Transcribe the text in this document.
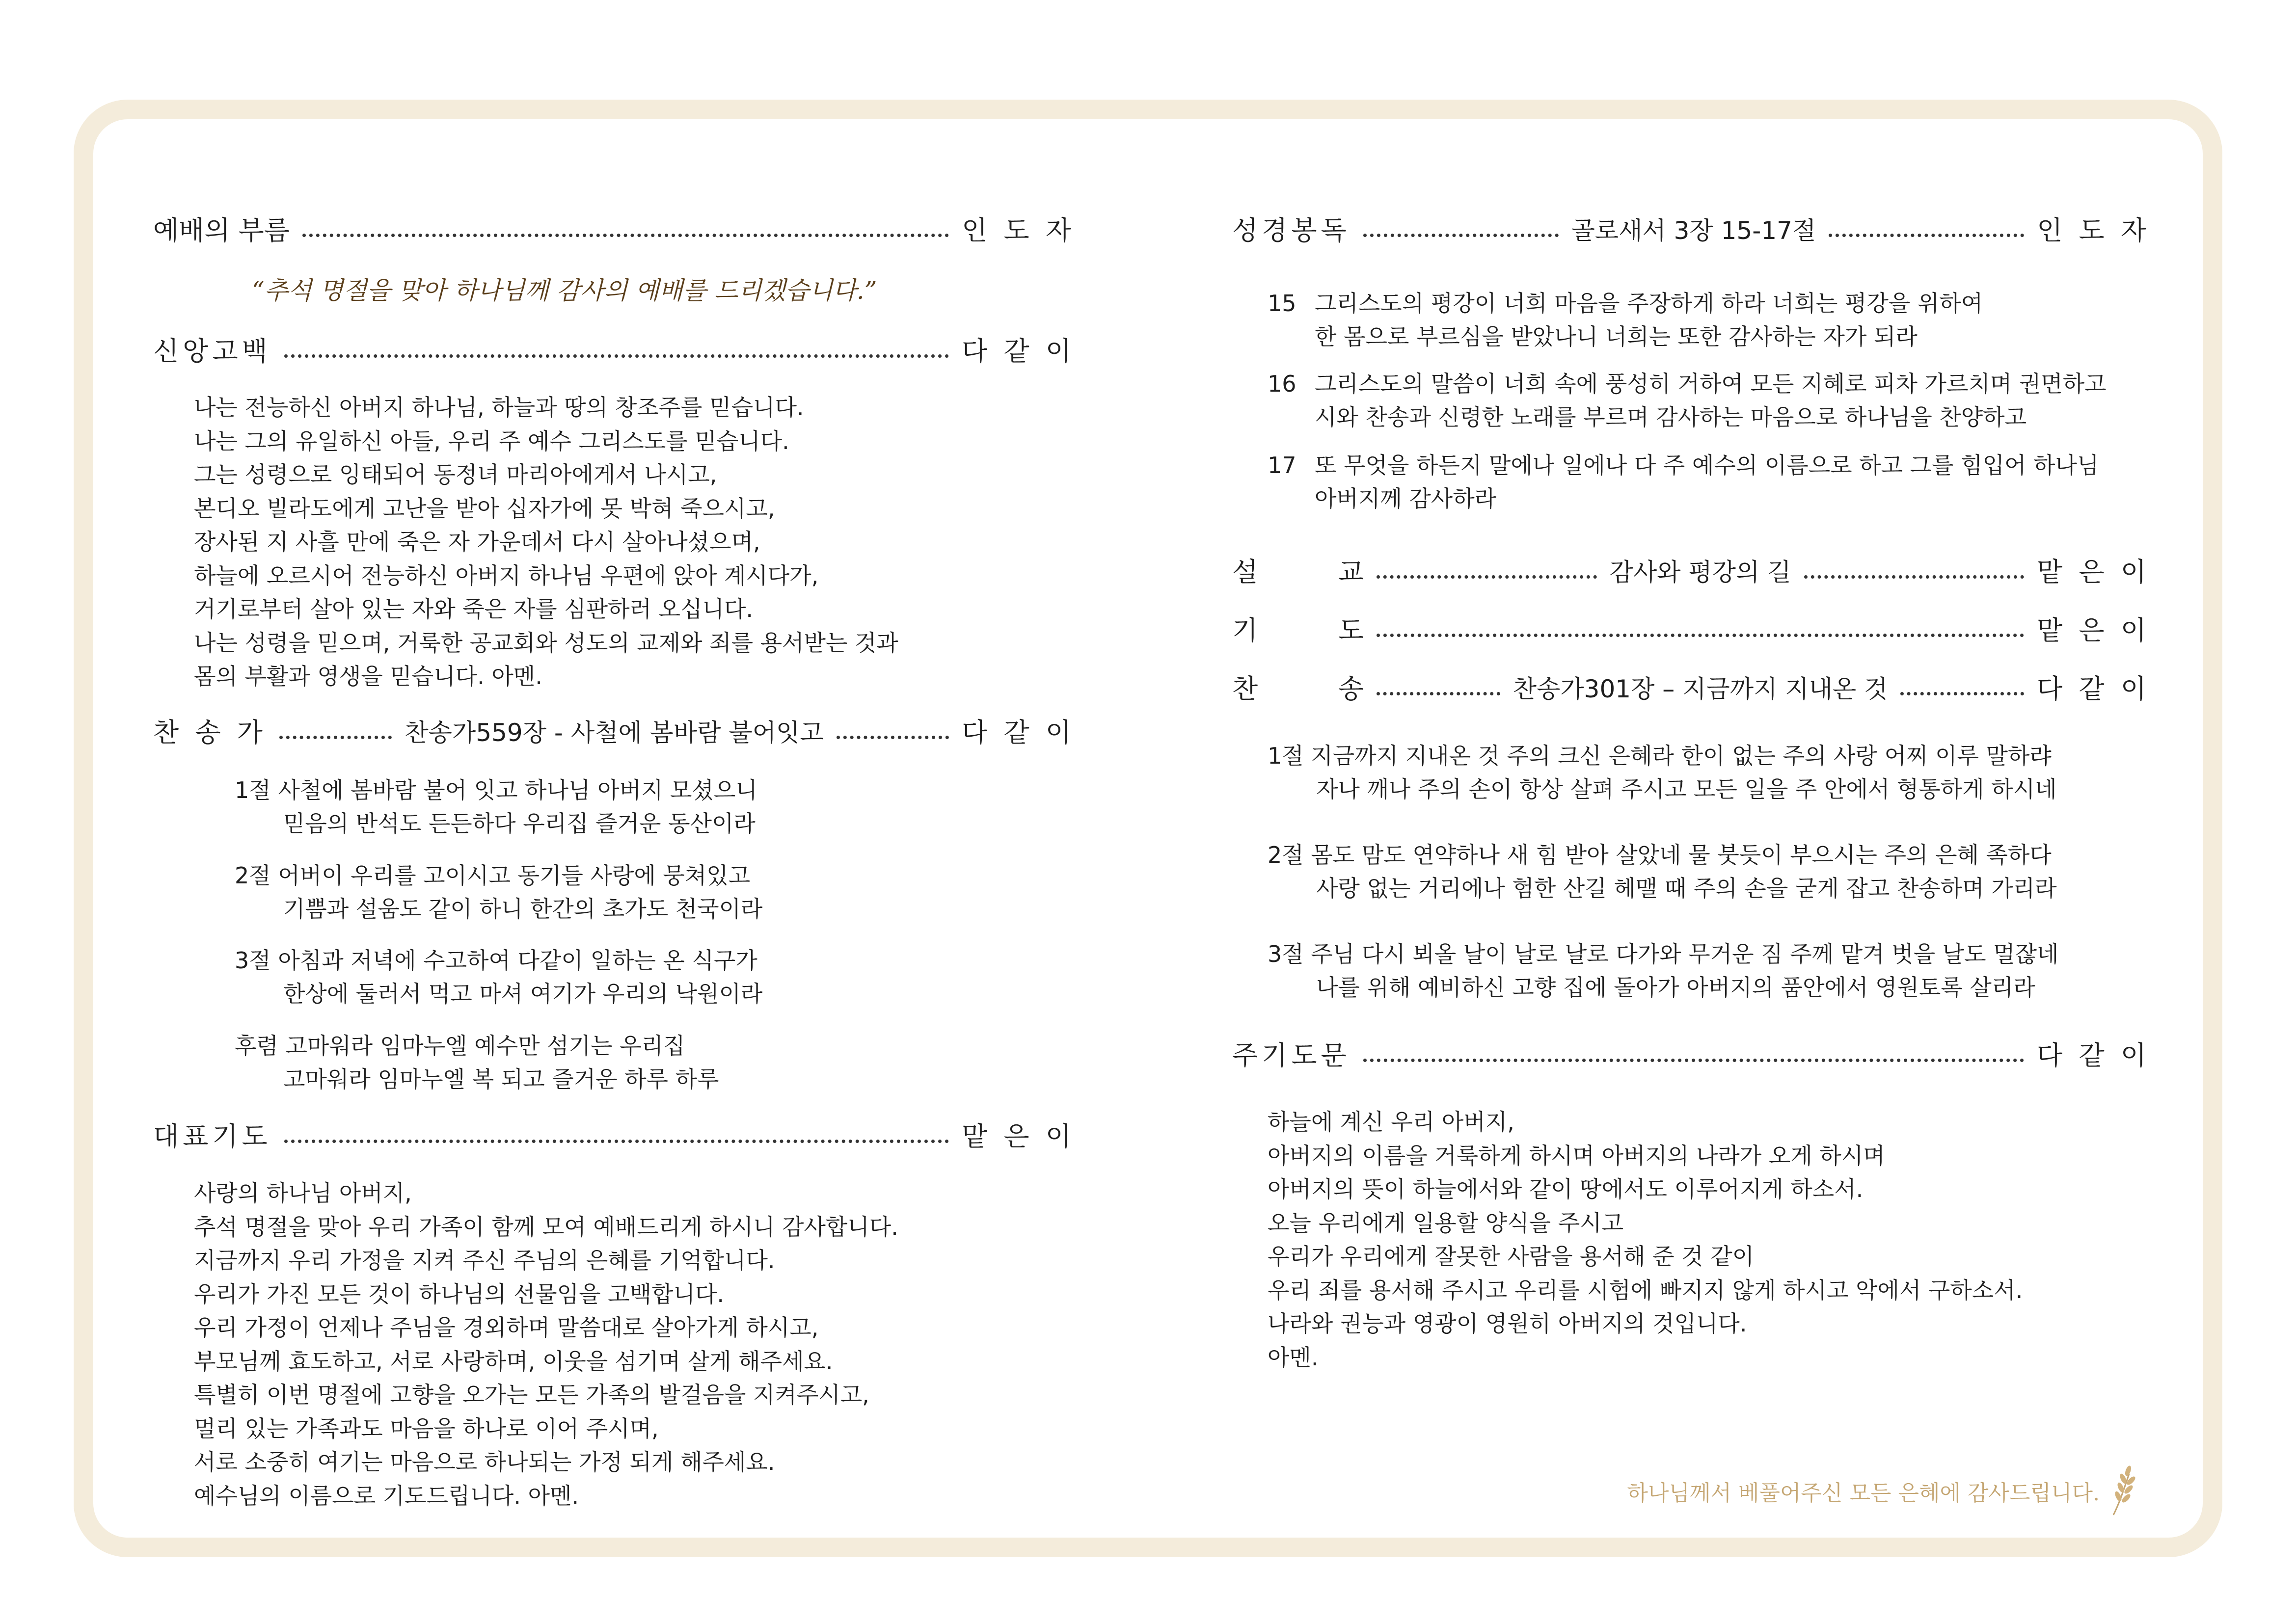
예배의 부름	인 도 자
신앙고백	다 같 이
나는 전능하신 아버지 하나님, 하늘과 땅의 창조주를 믿습니다.
나는 그의 유일하신 아들, 우리 주 예수 그리스도를 믿습니다.
그는 성령으로 잉태되어 동정녀 마리아에게서 나시고,
본디오 빌라도에게 고난을 받아 십자가에 못 박혀 죽으시고,
장사된 지 사흘 만에 죽은 자 가운데서 다시 살아나셨으며,
하늘에 오르시어 전능하신 아버지 하나님 우편에 앉아 계시다가,
거기로부터 살아 있는 자와 죽은 자를 심판하러 오십니다.
나는 성령을 믿으며, 거룩한 공교회와 성도의 교제와 죄를 용서받는 것과
몸의 부활과 영생을 믿습니다. 아멘.
찬 송 가	찬송가559장 - 사철에 봄바람 불어잇고	다 같 이
1절 사철에 봄바람 불어 잇고 하나님 아버지 모셨으니
믿음의 반석도 든든하다 우리집 즐거운 동산이라
2절 어버이 우리를 고이시고 동기들 사랑에 뭉쳐있고
기쁨과 설움도 같이 하니 한간의 초가도 천국이라
3절 아침과 저녁에 수고하여 다같이 일하는 온 식구가
한상에 둘러서 먹고 마셔 여기가 우리의 낙원이라
후렴 고마워라 임마누엘 예수만 섬기는 우리집
고마워라 임마누엘 복 되고 즐거운 하루 하루
대표기도	맡 은 이
사랑의 하나님 아버지,
추석 명절을 맞아 우리 가족이 함께 모여 예배드리게 하시니 감사합니다.
지금까지 우리 가정을 지켜 주신 주님의 은혜를 기억합니다.
우리가 가진 모든 것이 하나님의 선물임을 고백합니다.
우리 가정이 언제나 주님을 경외하며 말씀대로 살아가게 하시고,
부모님께 효도하고, 서로 사랑하며, 이웃을 섬기며 살게 해주세요.
특별히 이번 명절에 고향을 오가는 모든 가족의 발걸음을 지켜주시고,
멀리 있는 가족과도 마음을 하나로 이어 주시며,
서로 소중히 여기는 마음으로 하나되는 가정 되게 해주세요.
예수님의 이름으로 기도드립니다. 아멘.
“추석 명절을 맞아 하나님께 감사의 예배를 드리겠습니다.”
성경봉독	골로새서 3장 15-17절	인 도 자
15 그리스도의 평강이 너희 마음을 주장하게 하라 너희는 평강을 위하여
한 몸으로 부르심을 받았나니 너희는 또한 감사하는 자가 되라
16 그리스도의 말씀이 너희 속에 풍성히 거하여 모든 지혜로 피차 가르치며 권면하고
시와 찬송과 신령한 노래를 부르며 감사하는 마음으로 하나님을 찬양하고
17 또 무엇을 하든지 말에나 일에나 다 주 예수의 이름으로 하고 그를 힘입어 하나님
아버지께 감사하라
설	교	감사와 평강의 길	맡 은 이
기	도	맡 은 이
찬	송	찬송가301장 – 지금까지 지내온 것	다 같 이
1절 지금까지 지내온 것 주의 크신 은혜라 한이 없는 주의 사랑 어찌 이루 말하랴
자나 깨나 주의 손이 항상 살펴 주시고 모든 일을 주 안에서 형통하게 하시네
2절 몸도 맘도 연약하나 새 힘 받아 살았네 물 붓듯이 부으시는 주의 은혜 족하다
사랑 없는 거리에나 험한 산길 헤맬 때 주의 손을 굳게 잡고 찬송하며 가리라
3절 주님 다시 뵈올 날이 날로 날로 다가와 무거운 짐 주께 맡겨 벗을 날도 멀잖네
나를 위해 예비하신 고향 집에 돌아가 아버지의 품안에서 영원토록 살리라
주기도문	다 같 이
하늘에 계신 우리 아버지,
아버지의 이름을 거룩하게 하시며 아버지의 나라가 오게 하시며
아버지의 뜻이 하늘에서와 같이 땅에서도 이루어지게 하소서.
오늘 우리에게 일용할 양식을 주시고
우리가 우리에게 잘못한 사람을 용서해 준 것 같이
우리 죄를 용서해 주시고 우리를 시험에 빠지지 않게 하시고 악에서 구하소서.
나라와 권능과 영광이 영원히 아버지의 것입니다.
아멘.
하나님께서 베풀어주신 모든 은혜에 감사드립니다.
